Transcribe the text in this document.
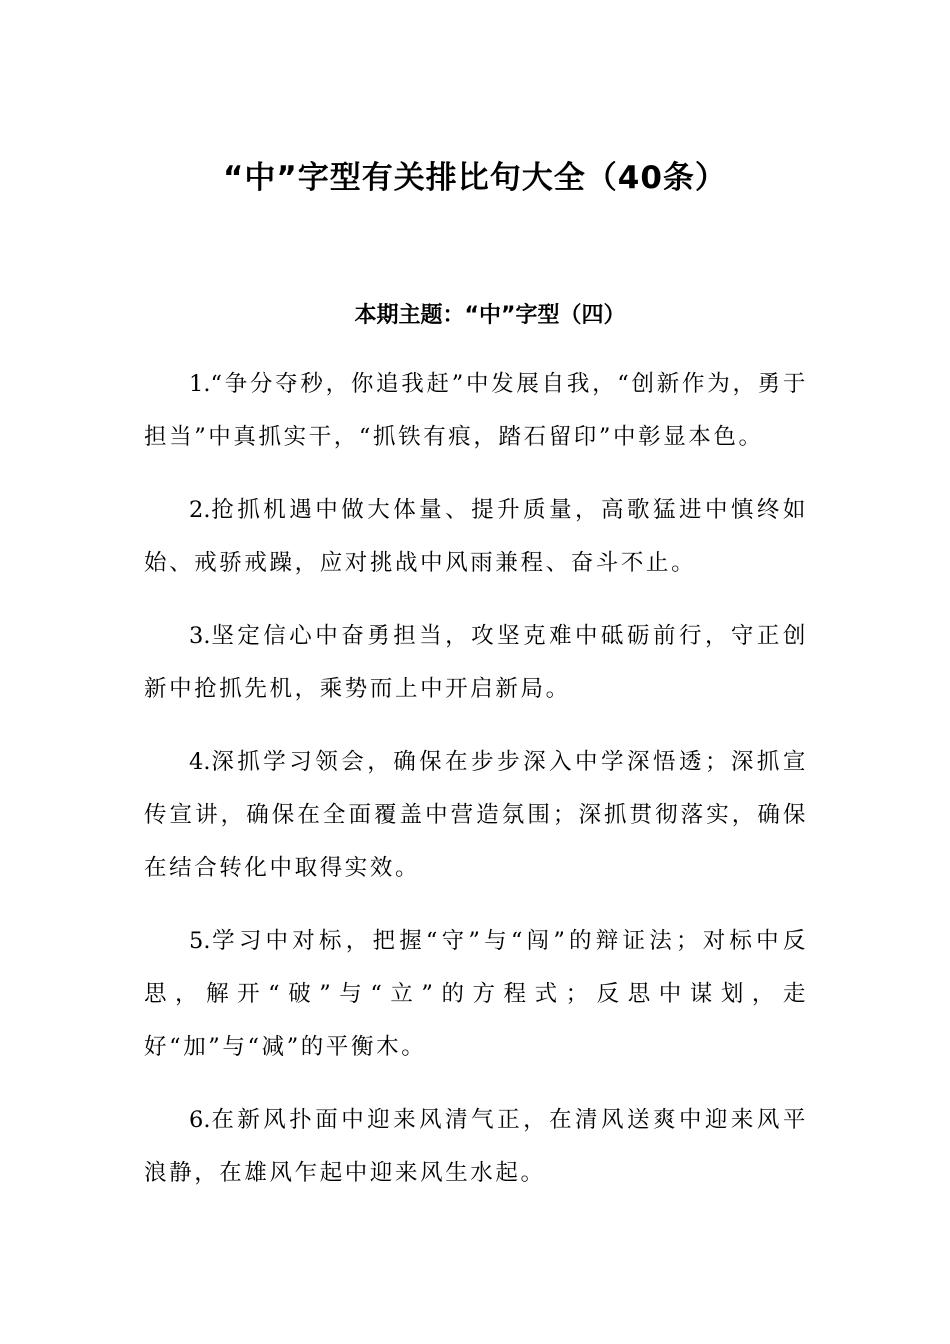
“中”字型有关排比句大全（40条）
本期主题：“中”字型（四）

1.“争分夺秒，你追我赶”中发展自我，“创新作为，勇于担当”中真抓实干，“抓铁有痕，踏石留印”中彰显本色。

2.抢抓机遇中做大体量、提升质量，高歌猛进中慎终如始、戒骄戒躁，应对挑战中风雨兼程、奋斗不止。

3.坚定信心中奋勇担当，攻坚克难中砥砺前行，守正创新中抢抓先机，乘势而上中开启新局。

4.深抓学习领会，确保在步步深入中学深悟透；深抓宣传宣讲，确保在全面覆盖中营造氛围；深抓贯彻落实，确保在结合转化中取得实效。

5.学习中对标，把握“守”与“闯”的辩证法；对标中反思，解开“破”与“立”的方程式；反思中谋划，走好“加”与“减”的平衡木。

6.在新风扑面中迎来风清气正，在清风送爽中迎来风平浪静，在雄风乍起中迎来风生水起。
